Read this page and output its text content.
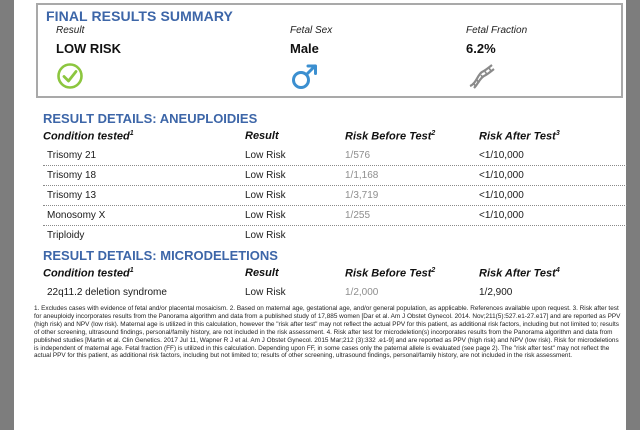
FINAL RESULTS SUMMARY
Result
LOW RISK
Fetal Sex
Male
Fetal Fraction
6.2%
RESULT DETAILS: ANEUPLOIDIES
Condition tested$^1$	Result	Risk Before Test$^2$	Risk After Test$^3$
Trisomy 21	Low Risk	1/576	<1/10,000
Trisomy 18	Low Risk	1/1,168	<1/10,000
Trisomy 13	Low Risk	1/3,719	<1/10,000
Monosomy X	Low Risk	1/255	<1/10,000
Triploidy	Low Risk
RESULT DETAILS: MICRODELETIONS
Condition tested$^1$	Result	Risk Before Test$^2$	Risk After Test$^4$
22q11.2 deletion syndrome	Low Risk	1/2,000	1/2,900
1. Excludes cases with evidence of fetal and/or placental mosaicism. 2. Based on maternal age, gestational age, and/or general population, as applicable. References available upon request. 3. Risk after test for aneuploidy incorporates results from the Panorama algorithm and data from a published study of 17,885 women [Dar et al. Am J Obstet Gynecol. 2014. Nov;211(5):527.e1-27.e17] and are reported as PPV (high risk) and NPV (low risk). Maternal age is utilized in this calculation, however the "risk after test" may not reflect the actual PPV for this patient, as additional risk factors, including but not limited to; results of other screening, ultrasound findings, personal/family history, are not included in the risk assessment. 4. Risk after test for microdeletion(s) incorporates results from the Panorama algorithm and data from published studies [Martin et al. Clin Genetics. 2017 Jul 11, Wapner R J et al. Am J Obstet Gynecol. 2015 Mar;212 (3):332 .e1-9] and are reported as PPV (high risk) and NPV (low risk). Risk for microdeletions is independent of maternal age. Fetal fraction (FF) is utilized in this calculation. Depending upon FF, in some cases only the paternal allele is evaluated (see page 2). The "risk after test" may not reflect the actual PPV for this patient, as additional risk factors, including but not limited to; results of other screening, ultrasound findings, personal/family history, are not included in the risk assessment.
